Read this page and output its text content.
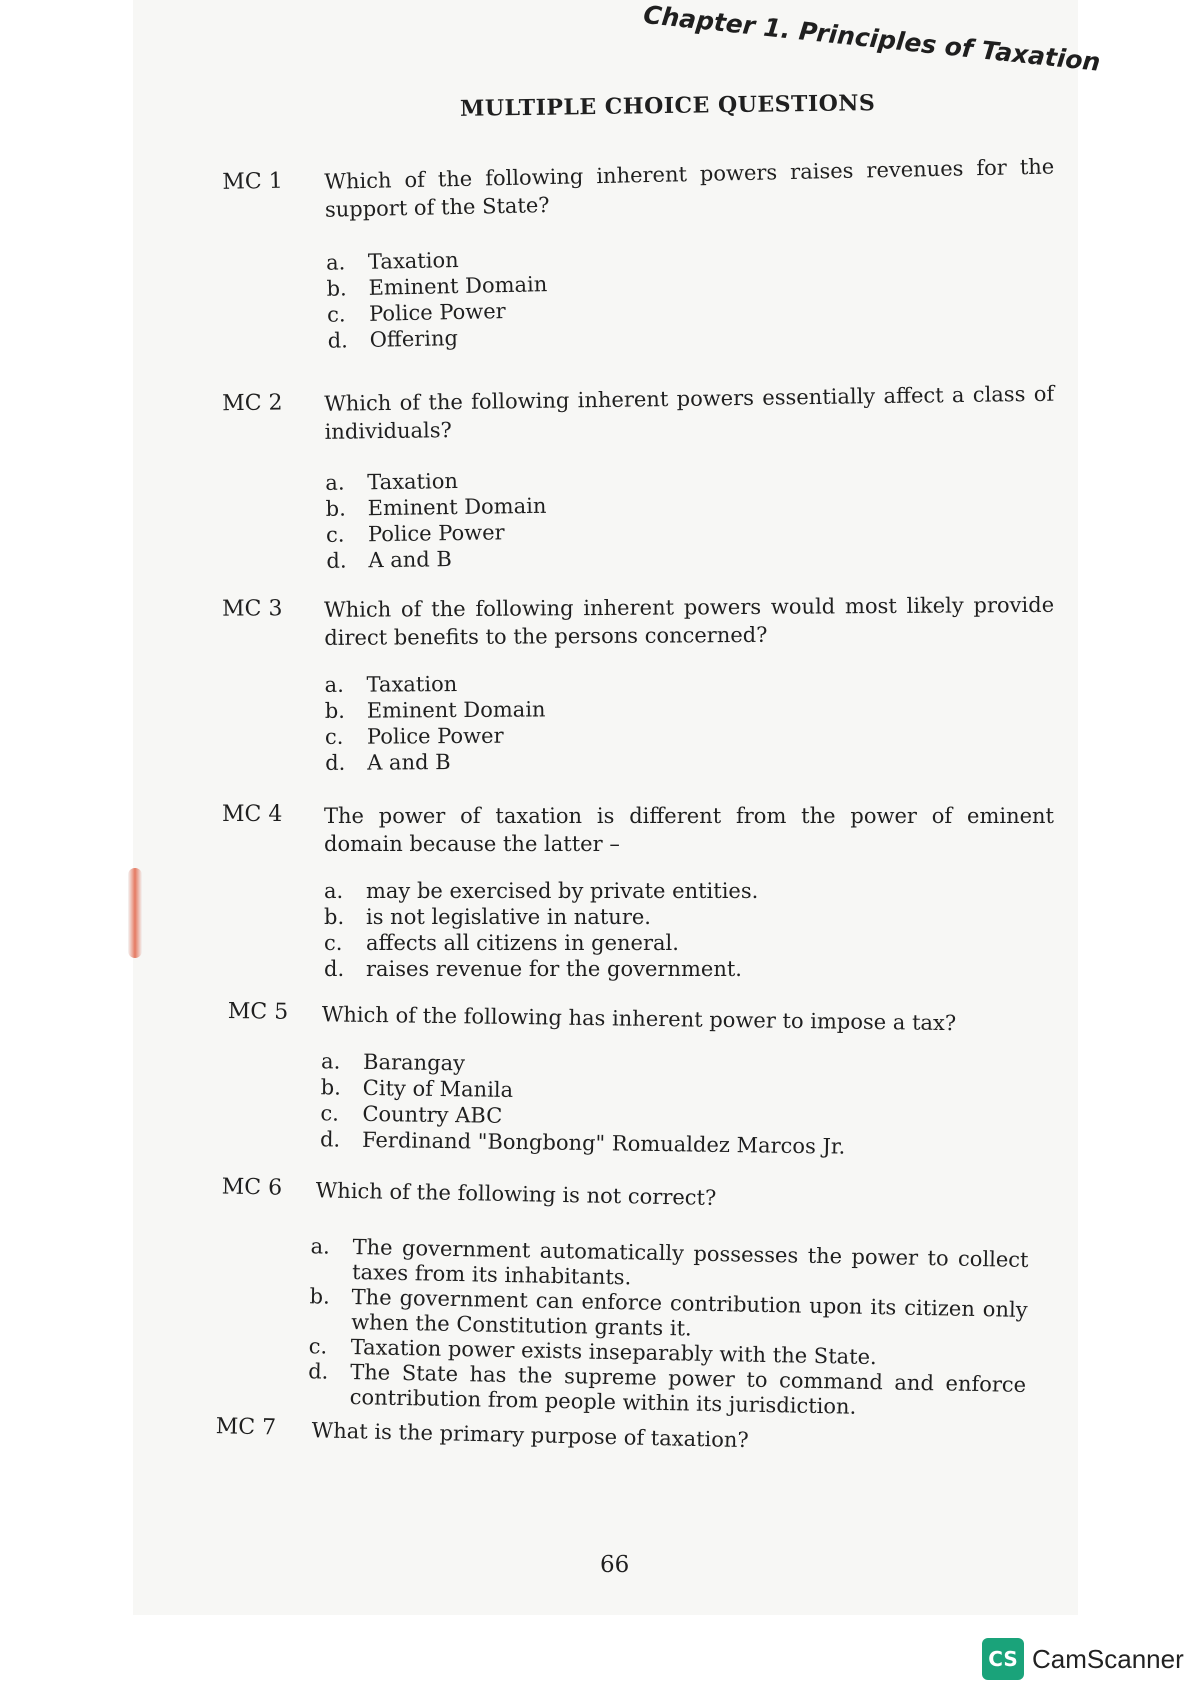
Chapter 1. Principles of Taxation
MULTIPLE CHOICE QUESTIONS
MC 1 Which of the following inherent powers raises revenues for the support of the State?
a.	Taxation
b.	Eminent Domain
c.	Police Power
d.	Offering
MC 2 Which of the following inherent powers essentially affect a class of individuals?
a.	Taxation
b.	Eminent Domain
c.	Police Power
d.	A and B
MC 3 Which of the following inherent powers would most likely provide direct benefits to the persons concerned?
a.	Taxation
b.	Eminent Domain
c.	Police Power
d.	A and B
MC 4 The power of taxation is different from the power of eminent domain because the latter –
a.	may be exercised by private entities.
b.	is not legislative in nature.
c.	affects all citizens in general.
d.	raises revenue for the government.
MC 5 Which of the following has inherent power to impose a tax?
a.	Barangay
b.	City of Manila
c.	Country ABC
d.	Ferdinand "Bongbong" Romualdez Marcos Jr.
MC 6 Which of the following is not correct?
a.	The government automatically possesses the power to collect taxes from its inhabitants.
b.	The government can enforce contribution upon its citizen only when the Constitution grants it.
c.	Taxation power exists inseparably with the State.
d.	The State has the supreme power to command and enforce contribution from people within its jurisdiction.
MC 7 What is the primary purpose of taxation?
66
CS CamScanner
